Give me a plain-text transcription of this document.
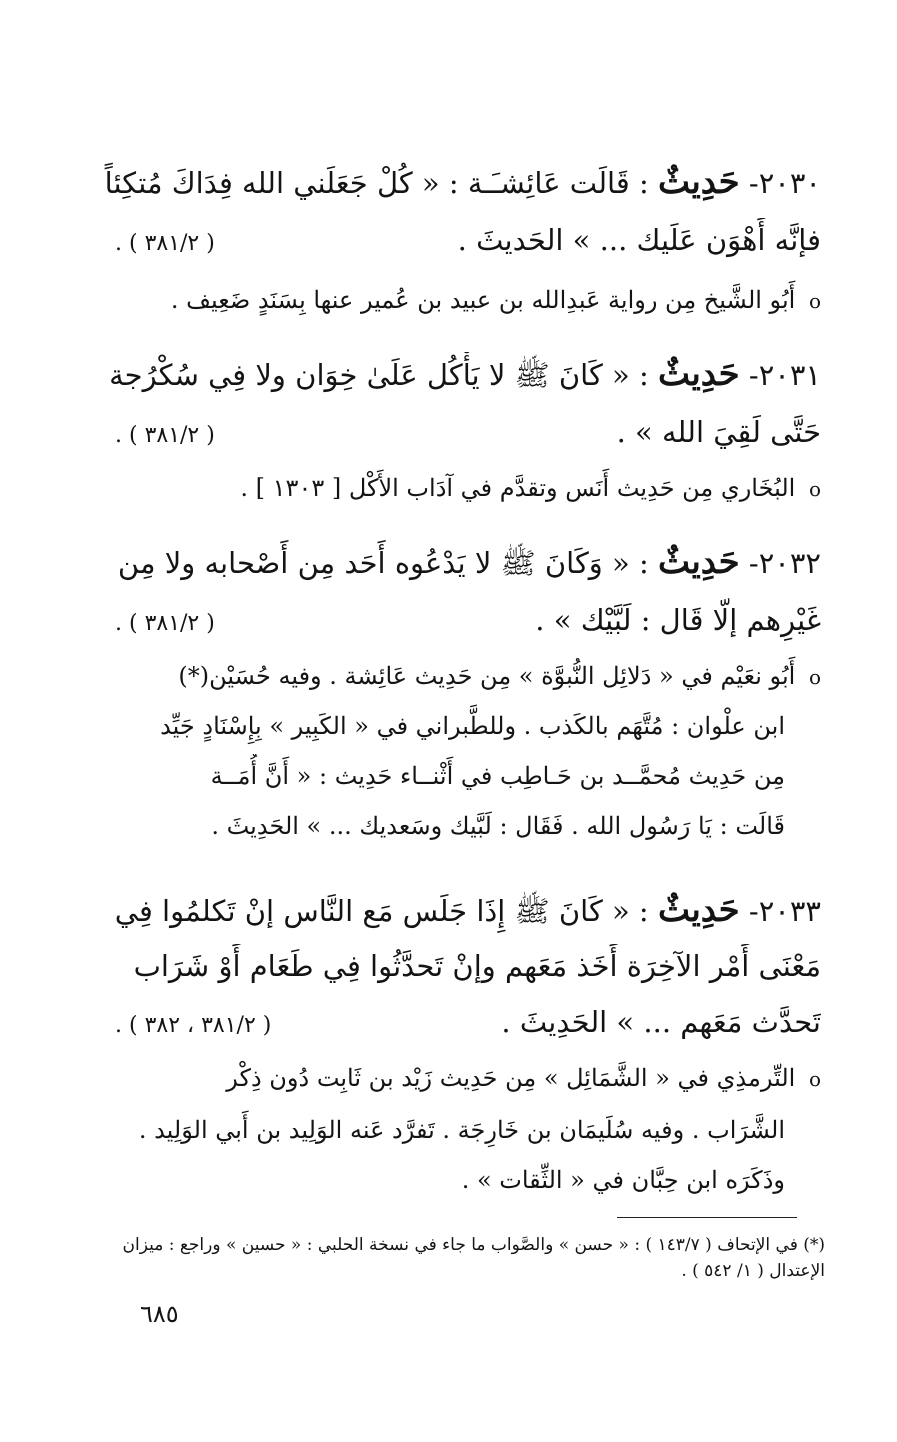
٢٠٣٠- حَدِيثٌ : قَالَت عَائِشـَـة : « كُلْ جَعَلَني الله فِدَاكَ مُتكِئاً
فإنَّه أَهْوَن عَلَيك ... » الحَديثَ .
( ٣٨١/٢ ) .
o أَبُو الشَّيخ مِن رواية عَبدِالله بن عبيد بن عُمير عنها بِسَنَدٍ ضَعِيف .
٢٠٣١- حَدِيثٌ : « كَانَ ﷺ لا يَأْكُل عَلَىٰ خِوَان ولا فِي سُكْرُجة
حَتَّى لَقِيَ الله » .
( ٣٨١/٢ ) .
o البُخَاري مِن حَدِيث أَنَس وتقدَّم في آدَاب الأَكْل [ ١٣٠٣ ] .
٢٠٣٢- حَدِيثٌ : « وَكَانَ ﷺ لا يَدْعُوه أَحَد مِن أَصْحابه ولا مِن
غَيْرِهم إلَّا قَال : لَبَّيْك » .
( ٣٨١/٢ ) .
o أَبُو نعَيْم في « دَلائِل النُّبوَّة » مِن حَدِيث عَائِشة . وفيه حُسَيْن(*)
ابن علْوان : مُتَّهَم بالكَذب . وللطَّبراني في « الكَبِير » بِإِسْنَادٍ جَيِّد
مِن حَدِيث مُحمَّــد بن حَـاطِب في أَثْنــاء حَدِيث : « أَنَّ أُمَــة
قَالَت : يَا رَسُول الله . فَقَال : لَبَّيك وسَعديك ... » الحَدِيثَ .
٢٠٣٣- حَدِيثٌ : « كَانَ ﷺ إِذَا جَلَس مَع النَّاس إنْ تَكلمُوا فِي
مَعْنَى أَمْر الآخِرَة أَخَذ مَعَهم وإنْ تَحدَّثُوا فِي طَعَام أَوْ شَرَاب
تَحدَّث مَعَهم ... » الحَدِيثَ .
( ٣٨١/٢ ، ٣٨٢ ) .
o التِّرمذِي في « الشَّمَائِل » مِن حَدِيث زَيْد بن ثَابِت دُون ذِكْر
الشَّرَاب . وفيه سُلَيمَان بن خَارِجَة . تَفرَّد عَنه الوَلِيد بن أَبي الوَلِيد .
وذَكَرَه ابن حِبَّان في « الثِّقات » .
(*) في الإتحاف ( ١٤٣/٧ ) : « حسن » والصَّواب ما جاء في نسخة الحلبي : « حسين » وراجع : ميزان
الإعتدال ( ١/ ٥٤٢ ) .
٦٨٥
